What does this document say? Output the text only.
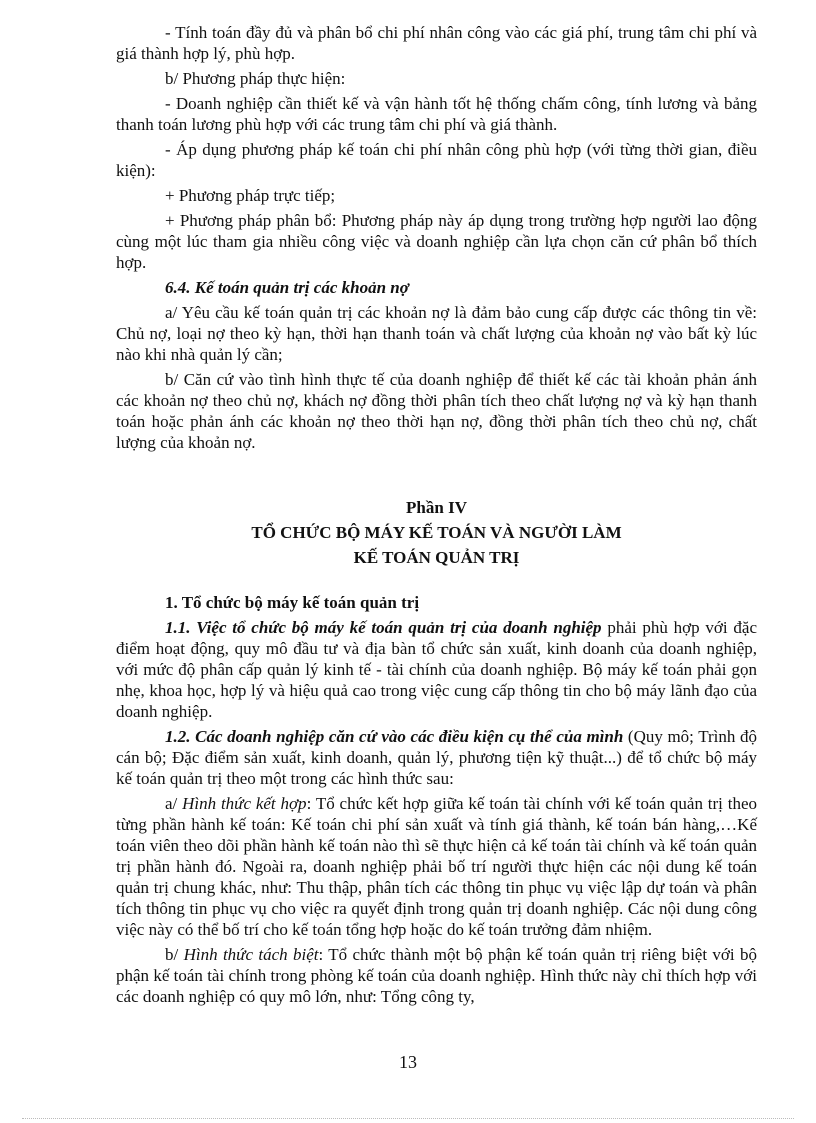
- Tính toán đầy đủ và phân bổ chi phí nhân công vào các giá phí, trung tâm chi phí và giá thành hợp lý, phù hợp.

b/ Phương pháp thực hiện:

- Doanh nghiệp cần thiết kế và vận hành tốt hệ thống chấm công, tính lương và bảng thanh toán lương phù hợp với các trung tâm chi phí và giá thành.

- Áp dụng phương pháp kế toán chi phí nhân công phù hợp (với từng thời gian, điều kiện):

+ Phương pháp trực tiếp;

+ Phương pháp phân bổ: Phương pháp này áp dụng trong trường hợp người lao động cùng một lúc tham gia nhiều công việc và doanh nghiệp cần lựa chọn căn cứ phân bổ thích hợp.

6.4. Kế toán quản trị các khoản nợ

a/ Yêu cầu kế toán quản trị các khoản nợ là đảm bảo cung cấp được các thông tin về: Chủ nợ, loại nợ theo kỳ hạn, thời hạn thanh toán và chất lượng của khoản nợ vào bất kỳ lúc nào khi nhà quản lý cần;

b/ Căn cứ vào tình hình thực tế của doanh nghiệp để thiết kế các tài khoản phản ánh các khoản nợ theo chủ nợ, khách nợ đồng thời phân tích theo chất lượng nợ và kỳ hạn thanh toán hoặc phản ánh các khoản nợ theo thời hạn nợ, đồng thời phân tích theo chủ nợ, chất lượng của khoản nợ.

Phần IV

TỔ CHỨC BỘ MÁY KẾ TOÁN VÀ NGƯỜI LÀM

KẾ TOÁN QUẢN TRỊ

1. Tổ chức bộ máy kế toán quản trị

1.1. Việc tổ chức bộ máy kế toán quản trị của doanh nghiệp phải phù hợp với đặc điểm hoạt động, quy mô đầu tư và địa bàn tổ chức sản xuất, kinh doanh của doanh nghiệp, với mức độ phân cấp quản lý kinh tế - tài chính của doanh nghiệp. Bộ máy kế toán phải gọn nhẹ, khoa học, hợp lý và hiệu quả cao trong việc cung cấp thông tin cho bộ máy lãnh đạo của doanh nghiệp.

1.2. Các doanh nghiệp căn cứ vào các điều kiện cụ thể của mình (Quy mô; Trình độ cán bộ; Đặc điểm sản xuất, kinh doanh, quản lý, phương tiện kỹ thuật...) để tổ chức bộ máy kế toán quản trị theo một trong các hình thức sau:

a/ Hình thức kết hợp: Tổ chức kết hợp giữa kế toán tài chính với kế toán quản trị theo từng phần hành kế toán: Kế toán chi phí sản xuất và tính giá thành, kế toán bán hàng,…Kế toán viên theo dõi phần hành kế toán nào thì sẽ thực hiện cả kế toán tài chính và kế toán quản trị phần hành đó. Ngoài ra, doanh nghiệp phải bố trí người thực hiện các nội dung kế toán quản trị chung khác, như: Thu thập, phân tích các thông tin phục vụ việc lập dự toán và phân tích thông tin phục vụ cho việc ra quyết định trong quản trị doanh nghiệp. Các nội dung công việc này có thể bố trí cho kế toán tổng hợp hoặc do kế toán trưởng đảm nhiệm.

b/ Hình thức tách biệt: Tổ chức thành một bộ phận kế toán quản trị riêng biệt với bộ phận kế toán tài chính trong phòng kế toán của doanh nghiệp. Hình thức này chỉ thích hợp với các doanh nghiệp có quy mô lớn, như: Tổng công ty,

13
